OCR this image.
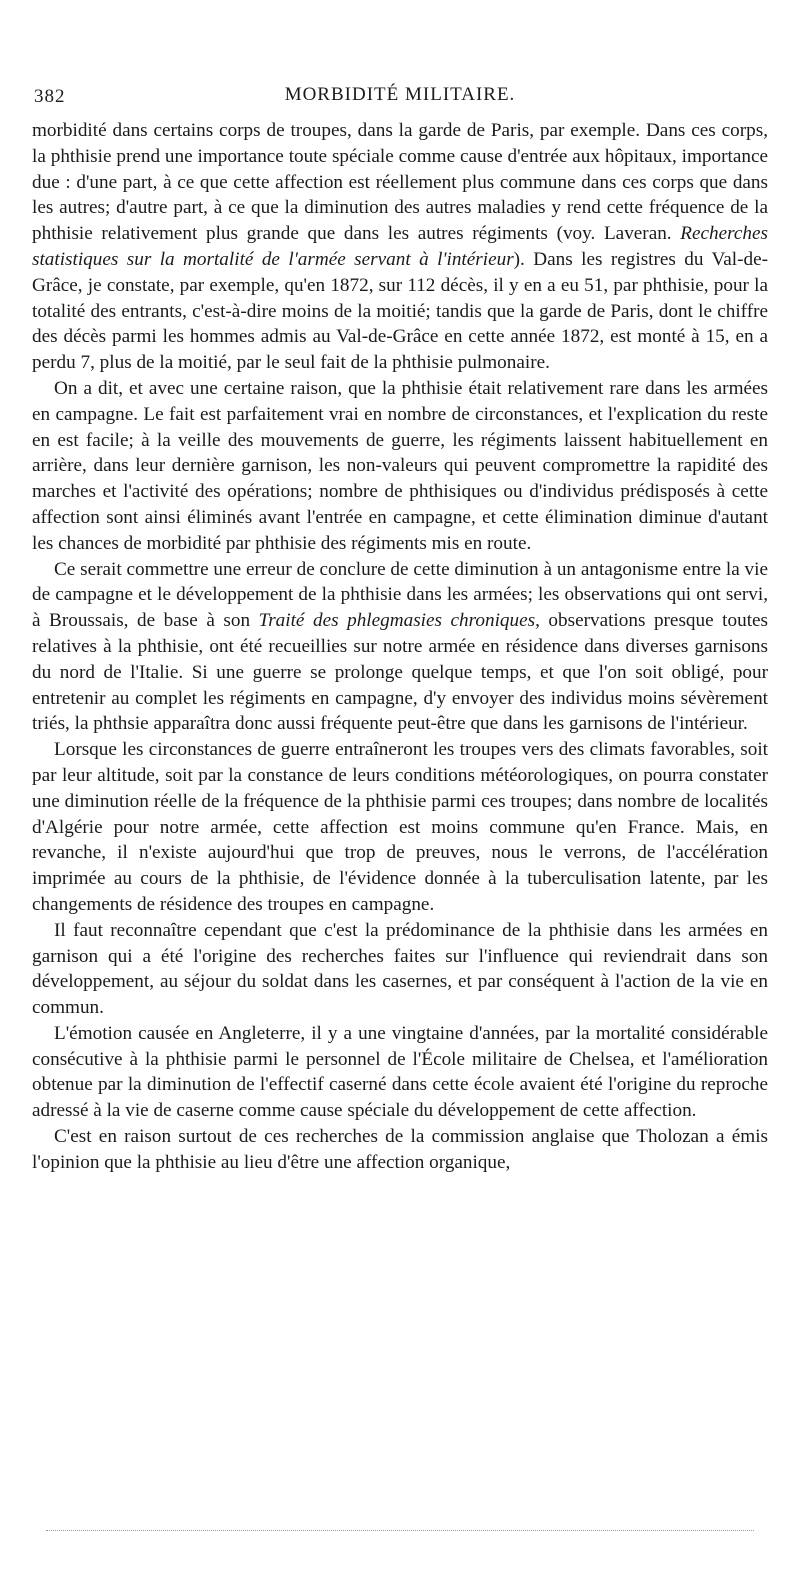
382	MORBIDITÉ MILITAIRE.

morbidité dans certains corps de troupes, dans la garde de Paris, par exemple. Dans ces corps, la phthisie prend une importance toute spéciale comme cause d'entrée aux hôpitaux, importance due : d'une part, à ce que cette affection est réellement plus commune dans ces corps que dans les autres; d'autre part, à ce que la diminution des autres maladies y rend cette fréquence de la phthisie relativement plus grande que dans les autres régiments (voy. Laveran. Recherches statistiques sur la mortalité de l'armée servant à l'intérieur). Dans les registres du Val-de-Grâce, je constate, par exemple, qu'en 1872, sur 112 décès, il y en a eu 51, par phthisie, pour la totalité des entrants, c'est-à-dire moins de la moitié; tandis que la garde de Paris, dont le chiffre des décès parmi les hommes admis au Val-de-Grâce en cette année 1872, est monté à 15, en a perdu 7, plus de la moitié, par le seul fait de la phthisie pulmonaire.

On a dit, et avec une certaine raison, que la phthisie était relativement rare dans les armées en campagne. Le fait est parfaitement vrai en nombre de circonstances, et l'explication du reste en est facile; à la veille des mouvements de guerre, les régiments laissent habituellement en arrière, dans leur dernière garnison, les non-valeurs qui peuvent compromettre la rapidité des marches et l'activité des opérations; nombre de phthisiques ou d'individus prédisposés à cette affection sont ainsi éliminés avant l'entrée en campagne, et cette élimination diminue d'autant les chances de morbidité par phthisie des régiments mis en route.

Ce serait commettre une erreur de conclure de cette diminution à un antagonisme entre la vie de campagne et le développement de la phthisie dans les armées; les observations qui ont servi, à Broussais, de base à son Traité des phlegmasies chroniques, observations presque toutes relatives à la phthisie, ont été recueillies sur notre armée en résidence dans diverses garnisons du nord de l'Italie. Si une guerre se prolonge quelque temps, et que l'on soit obligé, pour entretenir au complet les régiments en campagne, d'y envoyer des individus moins sévèrement triés, la phthsie apparaîtra donc aussi fréquente peut-être que dans les garnisons de l'intérieur.

Lorsque les circonstances de guerre entraîneront les troupes vers des climats favorables, soit par leur altitude, soit par la constance de leurs conditions météorologiques, on pourra constater une diminution réelle de la fréquence de la phthisie parmi ces troupes; dans nombre de localités d'Algérie pour notre armée, cette affection est moins commune qu'en France. Mais, en revanche, il n'existe aujourd'hui que trop de preuves, nous le verrons, de l'accélération imprimée au cours de la phthisie, de l'évidence donnée à la tuberculisation latente, par les changements de résidence des troupes en campagne.

Il faut reconnaître cependant que c'est la prédominance de la phthisie dans les armées en garnison qui a été l'origine des recherches faites sur l'influence qui reviendrait dans son développement, au séjour du soldat dans les casernes, et par conséquent à l'action de la vie en commun.

L'émotion causée en Angleterre, il y a une vingtaine d'années, par la mortalité considérable consécutive à la phthisie parmi le personnel de l'École militaire de Chelsea, et l'amélioration obtenue par la diminution de l'effectif caserné dans cette école avaient été l'origine du reproche adressé à la vie de caserne comme cause spéciale du développement de cette affection.

C'est en raison surtout de ces recherches de la commission anglaise que Tholozan a émis l'opinion que la phthisie au lieu d'être une affection organique,
